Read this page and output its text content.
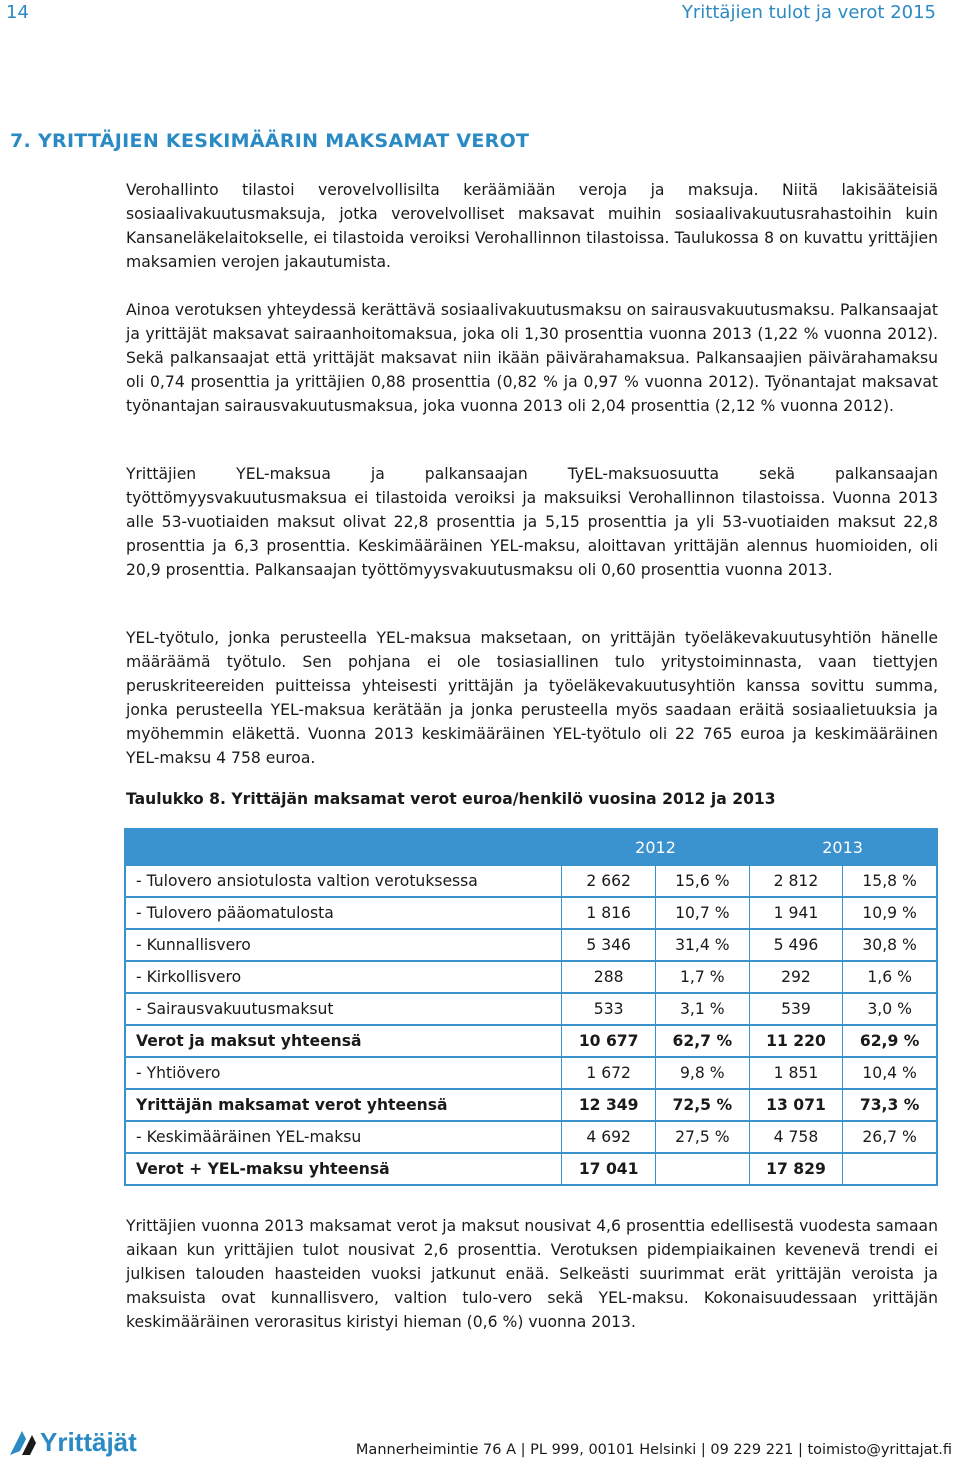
14	Yrittäjien tulot ja verot 2015
7. YRITTÄJIEN KESKIMÄÄRIN MAKSAMAT VEROT

Verohallinto tilastoi verovelvollisilta keräämiään veroja ja maksuja. Niitä lakisääteisiä sosiaalivakuutusmaksuja, jotka verovelvolliset maksavat muihin sosiaalivakuutusrahastoihin kuin Kansaneläkelaitokselle, ei tilastoida veroiksi Verohallinnon tilastoissa. Taulukossa 8 on kuvattu yrittäjien maksamien verojen jakautumista.

Ainoa verotuksen yhteydessä kerättävä sosiaalivakuutusmaksu on sairausvakuutusmaksu. Palkansaajat ja yrittäjät maksavat sairaanhoitomaksua, joka oli 1,30 prosenttia vuonna 2013 (1,22 % vuonna 2012). Sekä palkansaajat että yrittäjät maksavat niin ikään päivärahamaksua. Palkansaajien päivärahamaksu oli 0,74 prosenttia ja yrittäjien 0,88 prosenttia (0,82 % ja 0,97 % vuonna 2012). Työnantajat maksavat työnantajan sairausvakuutusmaksua, joka vuonna 2013 oli 2,04 prosenttia (2,12 % vuonna 2012).

Yrittäjien YEL-maksua ja palkansaajan TyEL-maksuosuutta sekä palkansaajan työttömyysvakuutusmaksua ei tilastoida veroiksi ja maksuiksi Verohallinnon tilastoissa. Vuonna 2013 alle 53-vuotiaiden maksut olivat 22,8 prosenttia ja 5,15 prosenttia ja yli 53-vuotiaiden maksut 22,8 prosenttia ja 6,3 prosenttia. Keskimääräinen YEL-maksu, aloittavan yrittäjän alennus huomioiden, oli 20,9 prosenttia. Palkansaajan työttömyysvakuutusmaksu oli 0,60 prosenttia vuonna 2013.

YEL-työtulo, jonka perusteella YEL-maksua maksetaan, on yrittäjän työeläkevakuutusyhtiön hänelle määräämä työtulo. Sen pohjana ei ole tosiasiallinen tulo yritystoiminnasta, vaan tiettyjen peruskriteereiden puitteissa yhteisesti yrittäjän ja työeläkevakuutusyhtiön kanssa sovittu summa, jonka perusteella YEL-maksua kerätään ja jonka perusteella myös saadaan eräitä sosiaalietuuksia ja myöhemmin eläkettä. Vuonna 2013 keskimääräinen YEL-työtulo oli 22 765 euroa ja keskimääräinen YEL-maksu 4 758 euroa.

Taulukko 8. Yrittäjän maksamat verot euroa/henkilö vuosina 2012 ja 2013
	2012		2013	
- Tulovero ansiotulosta valtion verotuksessa	2 662	15,6 %	2 812	15,8 %
- Tulovero pääomatulosta	1 816	10,7 %	1 941	10,9 %
- Kunnallisvero	5 346	31,4 %	5 496	30,8 %
- Kirkollisvero	288	1,7 %	292	1,6 %
- Sairausvakuutusmaksut	533	3,1 %	539	3,0 %
Verot ja maksut yhteensä	10 677	62,7 %	11 220	62,9 %
- Yhtiövero	1 672	9,8 %	1 851	10,4 %
Yrittäjän maksamat verot yhteensä	12 349	72,5 %	13 071	73,3 %
- Keskimääräinen YEL-maksu	4 692	27,5 %	4 758	26,7 %
Verot + YEL-maksu yhteensä	17 041		17 829	

Yrittäjien vuonna 2013 maksamat verot ja maksut nousivat 4,6 prosenttia edellisestä vuodesta samaan aikaan kun yrittäjien tulot nousivat 2,6 prosenttia. Verotuksen pidempiaikainen kevenevä trendi ei julkisen talouden haasteiden vuoksi jatkunut enää. Selkeästi suurimmat erät yrittäjän veroista ja maksuista ovat kunnallisvero, valtion tulo-vero sekä YEL-maksu. Kokonaisuudessaan yrittäjän keskimääräinen verorasitus kiristyi hieman (0,6 %) vuonna 2013.

Yrittäjät	Mannerheimintie 76 A | PL 999, 00101 Helsinki | 09 229 221 | toimisto@yrittajat.fi
